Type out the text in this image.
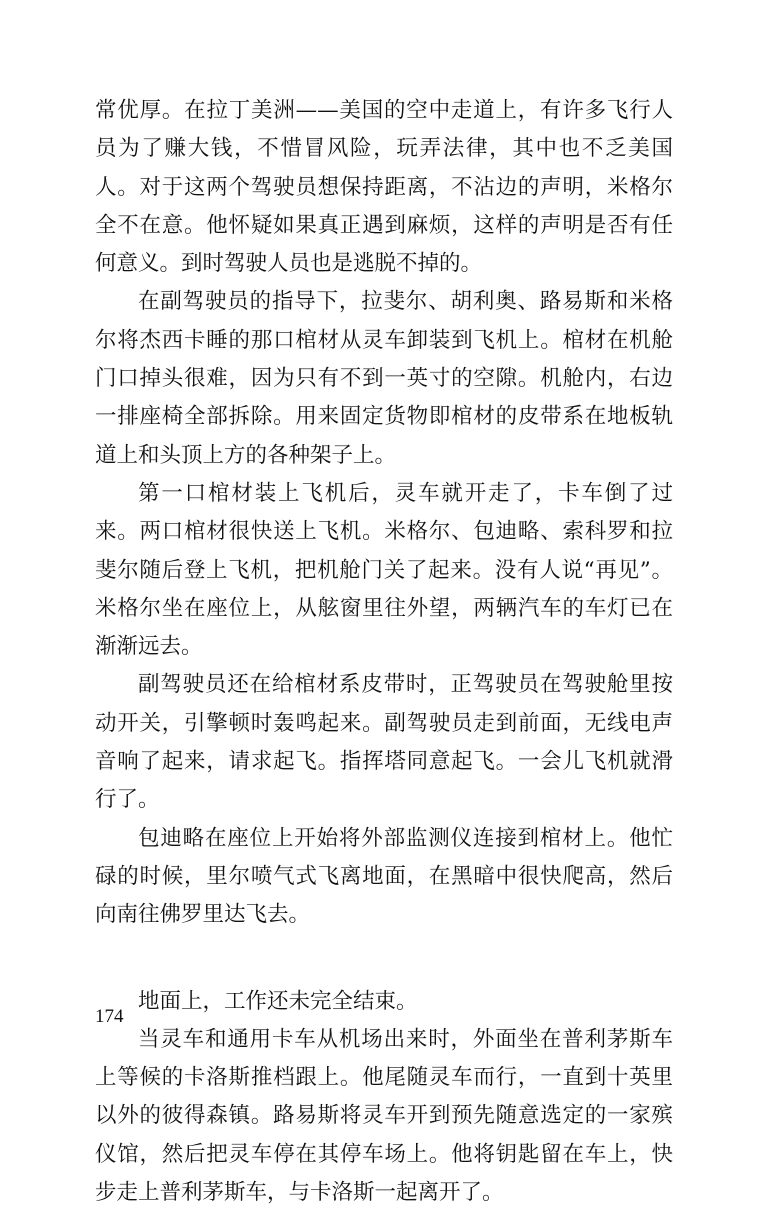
常优厚。在拉丁美洲——美国的空中走道上，有许多飞行人员为了赚大钱，不惜冒风险，玩弄法律，其中也不乏美国人。对于这两个驾驶员想保持距离，不沾边的声明，米格尔全不在意。他怀疑如果真正遇到麻烦，这样的声明是否有任何意义。到时驾驶人员也是逃脱不掉的。

在副驾驶员的指导下，拉斐尔、胡利奥、路易斯和米格尔将杰西卡睡的那口棺材从灵车卸装到飞机上。棺材在机舱门口掉头很难，因为只有不到一英寸的空隙。机舱内，右边一排座椅全部拆除。用来固定货物即棺材的皮带系在地板轨道上和头顶上方的各种架子上。

第一口棺材装上飞机后，灵车就开走了，卡车倒了过来。两口棺材很快送上飞机。米格尔、包迪略、索科罗和拉斐尔随后登上飞机，把机舱门关了起来。没有人说“再见”。米格尔坐在座位上，从舷窗里往外望，两辆汽车的车灯已在渐渐远去。

副驾驶员还在给棺材系皮带时，正驾驶员在驾驶舱里按动开关，引擎顿时轰鸣起来。副驾驶员走到前面，无线电声音响了起来，请求起飞。指挥塔同意起飞。一会儿飞机就滑行了。

包迪略在座位上开始将外部监测仪连接到棺材上。他忙碌的时候，里尔喷气式飞离地面，在黑暗中很快爬高，然后向南往佛罗里达飞去。

地面上，工作还未完全结束。

当灵车和通用卡车从机场出来时，外面坐在普利茅斯车上等候的卡洛斯推档跟上。他尾随灵车而行，一直到十英里以外的彼得森镇。路易斯将灵车开到预先随意选定的一家殡仪馆，然后把灵车停在其停车场上。他将钥匙留在车上，快步走上普利茅斯车，与卡洛斯一起离开了。

174
